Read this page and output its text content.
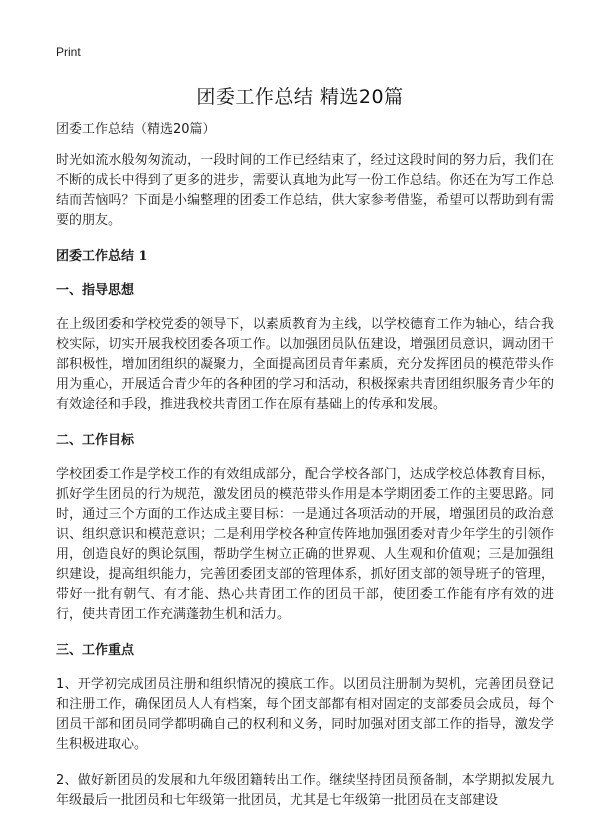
Print
团委工作总结 精选20篇
团委工作总结（精选20篇）

时光如流水般匆匆流动，一段时间的工作已经结束了，经过这段时间的努力后，我们在不断的成长中得到了更多的进步，需要认真地为此写一份工作总结。你还在为写工作总结而苦恼吗？下面是小编整理的团委工作总结，供大家参考借鉴，希望可以帮助到有需要的朋友。

团委工作总结 1
一、指导思想

在上级团委和学校党委的领导下，以素质教育为主线，以学校德育工作为轴心，结合我校实际，切实开展我校团委各项工作。以加强团员队伍建设，增强团员意识，调动团干部积极性，增加团组织的凝聚力，全面提高团员青年素质，充分发挥团员的模范带头作用为重心，开展适合青少年的各种团的学习和活动，积极探索共青团组织服务青少年的有效途径和手段，推进我校共青团工作在原有基础上的传承和发展。

二、工作目标

学校团委工作是学校工作的有效组成部分，配合学校各部门，达成学校总体教育目标，抓好学生团员的行为规范，激发团员的模范带头作用是本学期团委工作的主要思路。同时，通过三个方面的工作达成主要目标：一是通过各项活动的开展，增强团员的政治意识、组织意识和模范意识；二是利用学校各种宣传阵地加强团委对青少年学生的引领作用，创造良好的舆论氛围，帮助学生树立正确的世界观、人生观和价值观；三是加强组织建设，提高组织能力，完善团委团支部的管理体系，抓好团支部的领导班子的管理，带好一批有朝气、有才能、热心共青团工作的团员干部，使团委工作能有序有效的进行，使共青团工作充满蓬勃生机和活力。

三、工作重点

1、开学初完成团员注册和组织情况的摸底工作。以团员注册制为契机，完善团员登记和注册工作，确保团员人人有档案，每个团支部都有相对固定的支部委员会成员，每个团员干部和团员同学都明确自己的权利和义务，同时加强对团支部工作的指导，激发学生积极进取心。

2、做好新团员的发展和九年级团籍转出工作。继续坚持团员预备制，本学期拟发展九年级最后一批团员和七年级第一批团员，尤其是七年级第一批团员在支部建设
